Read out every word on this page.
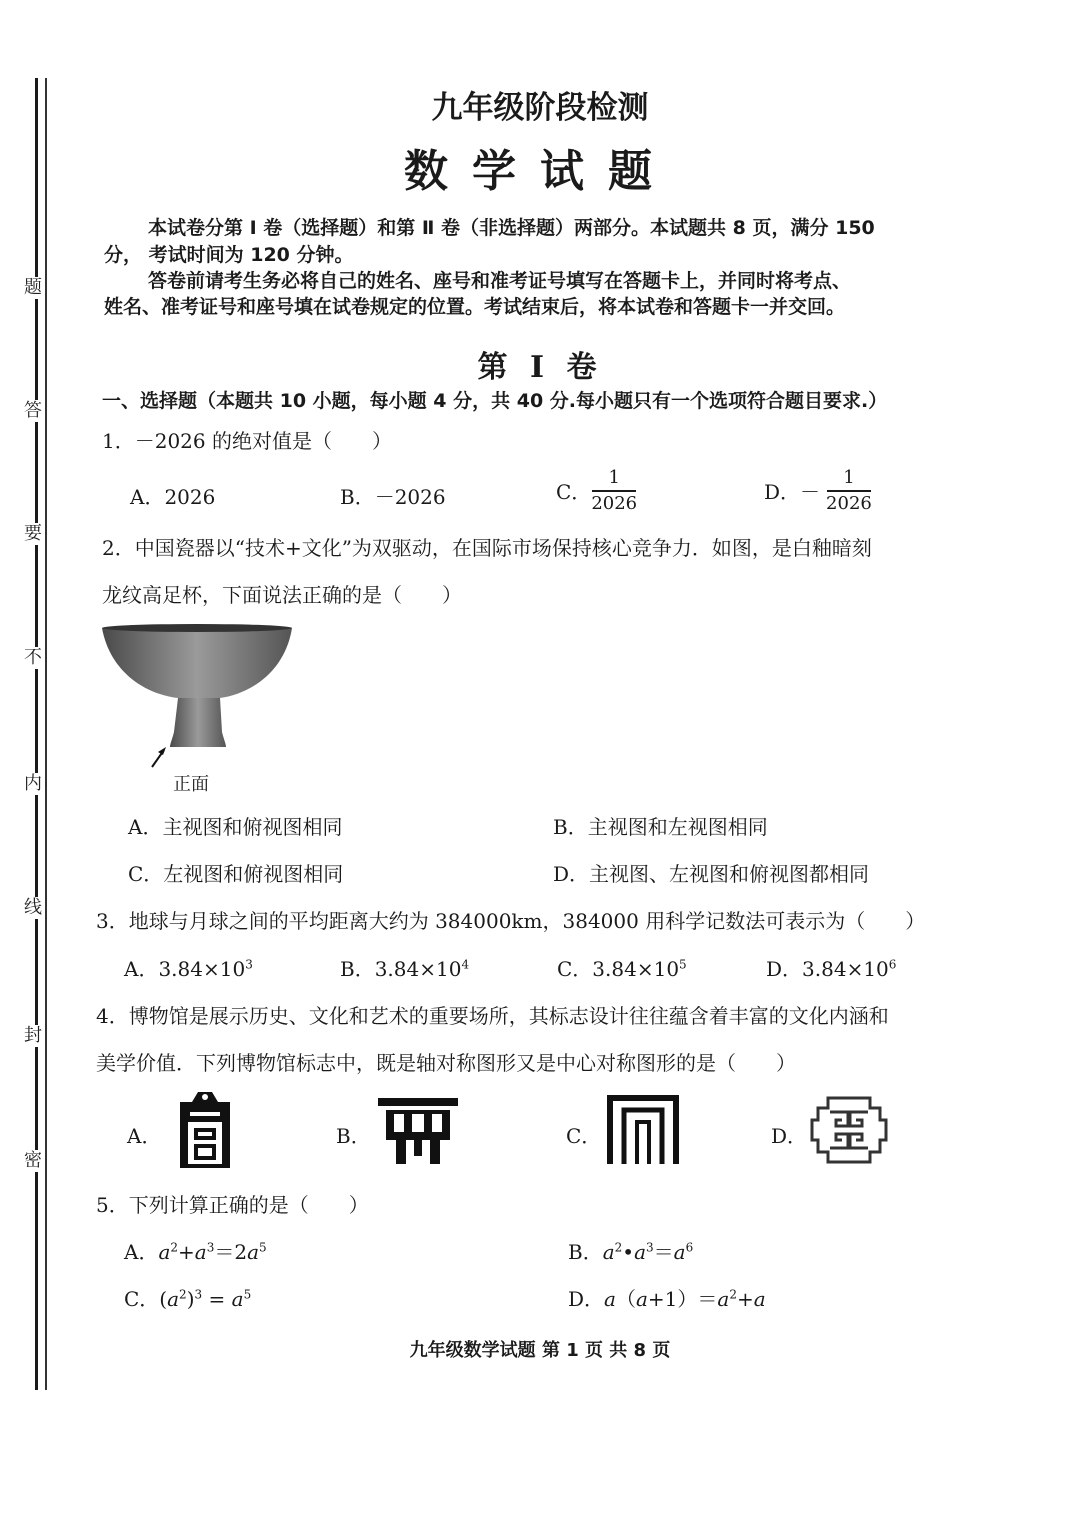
题
答
要
不
内
线
封
密
九年级阶段检测
数学试题
本试卷分第 Ⅰ 卷（选择题）和第 Ⅱ 卷（非选择题）两部分。本试题共 8 页，满分 150
分， 考试时间为 120 分钟。
答卷前请考生务必将自己的姓名、座号和准考证号填写在答题卡上，并同时将考点、
姓名、准考证号和座号填在试卷规定的位置。考试结束后，将本试卷和答题卡一并交回。
第 Ⅰ 卷
一、选择题（本题共 10 小题，每小题 4 分，共 40 分.每小题只有一个选项符合题目要求.）
1．－2026 的绝对值是（　　）
A．2026	B．－2026	C． $\frac{1}{2026}$	D．－ $\frac{1}{2026}$
2．中国瓷器以“技术+文化”为双驱动，在国际市场保持核心竞争力．如图，是白釉暗刻
龙纹高足杯，下面说法正确的是（　　）
正面
A．主视图和俯视图相同	B．主视图和左视图相同
C．左视图和俯视图相同	D．主视图、左视图和俯视图都相同
3．地球与月球之间的平均距离大约为 384000km，384000 用科学记数法可表示为（　　）
A．$3.84\times 10^3$	B．$3.84\times 10^4$	C．$3.84\times 10^5$	D．$3.84\times 10^6$
4．博物馆是展示历史、文化和艺术的重要场所，其标志设计往往蕴含着丰富的文化内涵和
美学价值．下列博物馆标志中，既是轴对称图形又是中心对称图形的是（　　）
A．	B．	C．	D．
5．下列计算正确的是（　　）
A．$a^2+a^3=2a^5$	B．$a^2•a^3=a^6$
C．$(a^2)^3 = a^5$	D．$a(a+1)=a^2+a$
九年级数学试题 第 1 页 共 8 页
